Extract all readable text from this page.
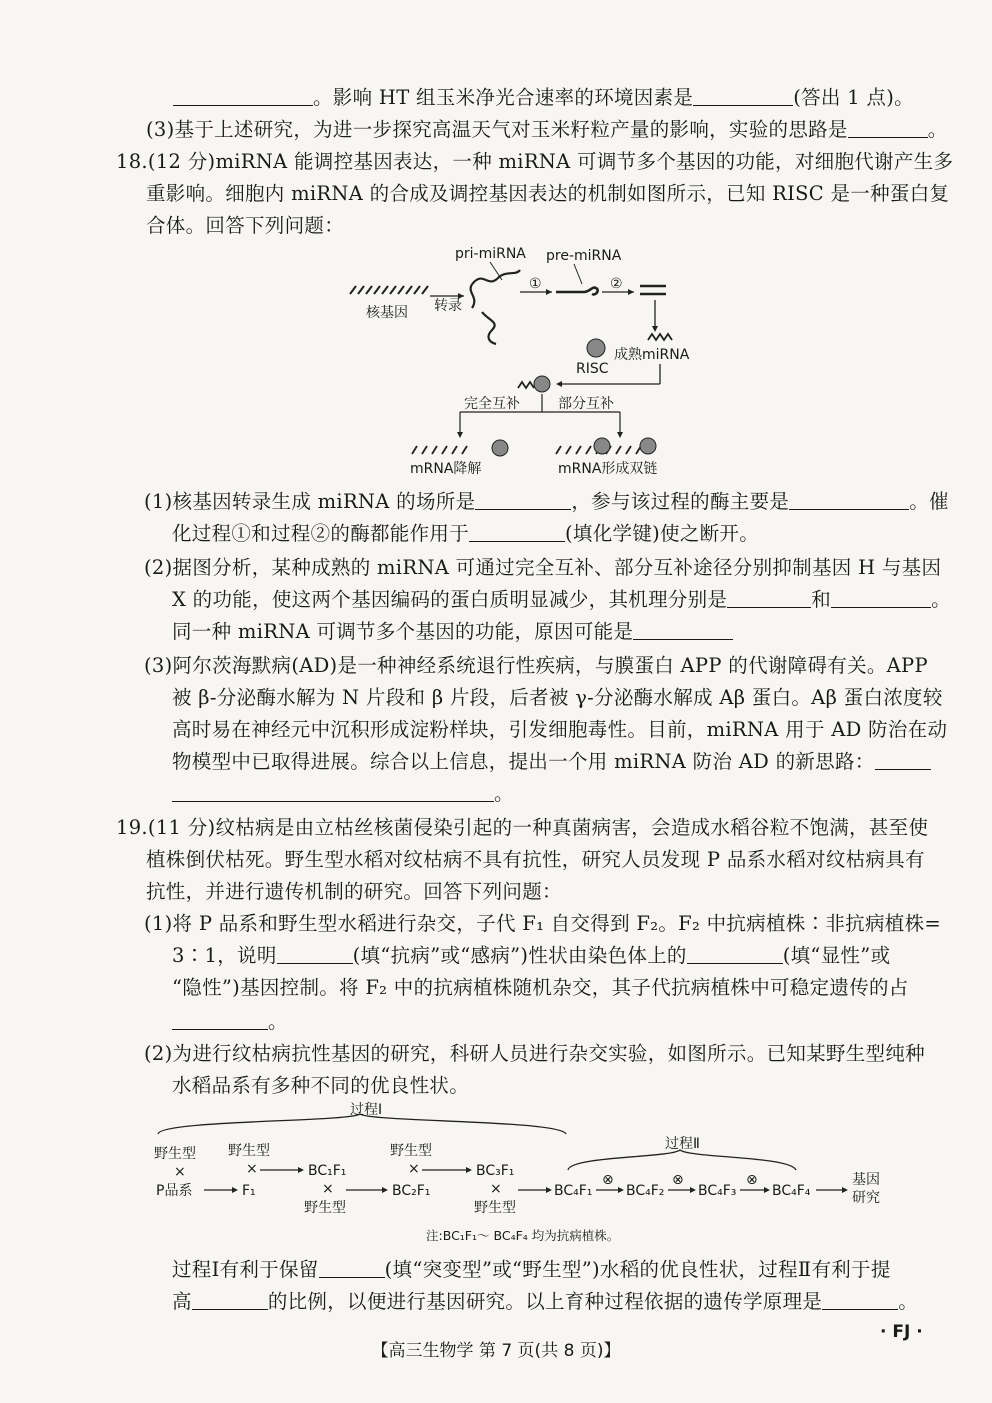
。影响 HT 组玉米净光合速率的环境因素是	(答出 1 点)。
(3)基于上述研究，为进一步探究高温天气对玉米籽粒产量的影响，实验的思路是	。
18.(12 分)miRNA 能调控基因表达，一种 miRNA 可调节多个基因的功能，对细胞代谢产生多
重影响。细胞内 miRNA 的合成及调控基因表达的机制如图所示，已知 RISC 是一种蛋白复
合体。回答下列问题：
核基因 转录
pri-miRNA
①
pre-miRNA
②
成熟miRNA
RISC
完全互补	部分互补
mRNA降解	mRNA形成双链
(1)核基因转录生成 miRNA 的场所是	，参与该过程的酶主要是	。催
化过程①和过程②的酶都能作用于	(填化学键)使之断开。
(2)据图分析，某种成熟的 miRNA 可通过完全互补、部分互补途径分别抑制基因 H 与基因
X 的功能，使这两个基因编码的蛋白质明显减少，其机理分别是	和	。
同一种 miRNA 可调节多个基因的功能，原因可能是
(3)阿尔茨海默病(AD)是一种神经系统退行性疾病，与膜蛋白 APP 的代谢障碍有关。APP
被 β-分泌酶水解为 N 片段和 β 片段，后者被 γ-分泌酶水解成 Aβ 蛋白。Aβ 蛋白浓度较
高时易在神经元中沉积形成淀粉样块，引发细胞毒性。目前，miRNA 用于 AD 防治在动
物模型中已取得进展。综合以上信息，提出一个用 miRNA 防治 AD 的新思路：
。
19.(11 分)纹枯病是由立枯丝核菌侵染引起的一种真菌病害，会造成水稻谷粒不饱满，甚至使
植株倒伏枯死。野生型水稻对纹枯病不具有抗性，研究人员发现 P 品系水稻对纹枯病具有
抗性，并进行遗传机制的研究。回答下列问题：
(1)将 P 品系和野生型水稻进行杂交，子代 F₁ 自交得到 F₂。F₂ 中抗病植株∶非抗病植株=
3∶1，说明	(填“抗病”或“感病”)性状由染色体上的	(填“显性”或
“隐性”)基因控制。将 F₂ 中的抗病植株随机杂交，其子代抗病植株中可稳定遗传的占
。
(2)为进行纹枯病抗性基因的研究，科研人员进行杂交实验，如图所示。已知某野生型纯种
水稻品系有多种不同的优良性状。
过程Ⅰ
过程Ⅱ
野生型
×
P品系	F₁
野生型
×	BC₁F₁
×
野生型
BC₂F₁
野生型
×	BC₃F₁
×
野生型
BC₄F₁
⊗
BC₄F₂
⊗
BC₄F₃
⊗
BC₄F₄
基因
研究
注:BC₁F₁～ BC₄F₄ 均为抗病植株。
过程Ⅰ有利于保留	(填“突变型”或“野生型”)水稻的优良性状，过程Ⅱ有利于提
高	的比例，以便进行基因研究。以上育种过程依据的遗传学原理是	。
【高三生物学 第 7 页(共 8 页)】
· FJ ·
